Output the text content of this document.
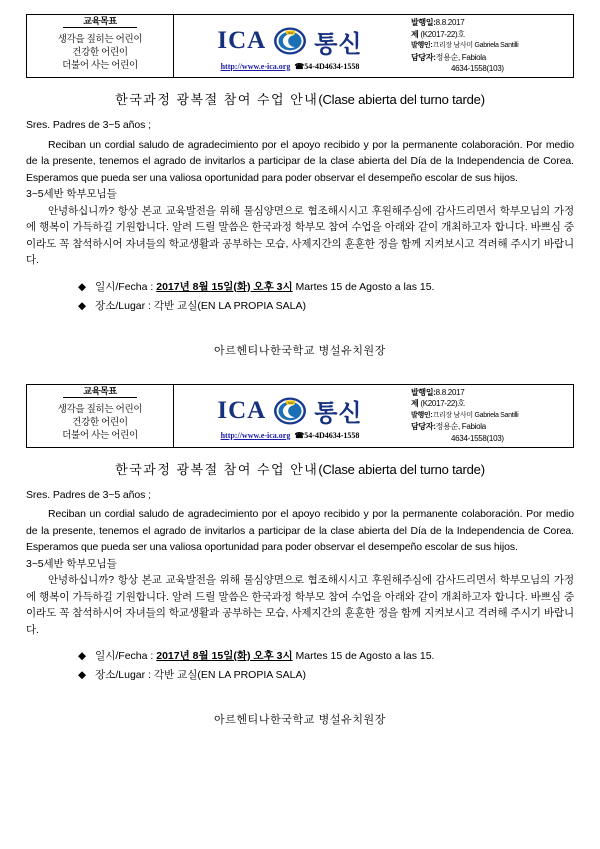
교육목표
생각을 짚히는 어린이
건강한 어린이
더불어 사는 어린이
ICA	ICA 통신
http://www.e-ica.org ☎54-4D4634-1558
발행일:8.8.2017
제 (K2017-22)호
발행인:끄리장 남사미 Gabriela Santilli
담당자:정용순, Fabiola
4634-1558(103)
한국과정 광복절 참여 수업 안내(Clase abierta del turno tarde)

Sres. Padres de 3~5 años ;

Reciban un cordial saludo de agradecimiento por el apoyo recibido y por la permanente colaboración. Por medio de la presente, tenemos el agrado de invitarlos a participar de la clase abierta del Día de la Independencia de Corea. Esperamos que pueda ser una valiosa oportunidad para poder observar el desempeño escolar de sus hijos.

3~5세반 학부모님들

안녕하십니까? 항상 본교 교육발전을 위해 물심양면으로 협조해시시고 후원해주심에 감사드리면서 학부모님의 가정에 행복이 가득하길 기원합니다. 알려 드릴 말씀은 한국과정 학부모 참여 수업을 아래와 같이 개최하고자 합니다. 바쁘심 중이라도 꼭 참석하시어 자녀들의 학교생활과 공부하는 모습, 사제지간의 훈훈한 정을 함께 지켜보시고 격려해 주시기 바랍니다.

◆ 일시/Fecha : 2017년 8월 15일(화) 오후 3시 Martes 15 de Agosto a las 15.
◆ 장소/Lugar : 각반 교실(EN LA PROPIA SALA)
아르헨티나한국학교 병설유치원장
교육목표
생각을 짚히는 어린이
건강한 어린이
더불어 사는 어린이
ICA	ICA 통신
http://www.e-ica.org ☎54-4D4634-1558
발행일:8.8.2017
제 (K2017-22)호
발행인:끄리장 남사미 Gabriela Santilli
담당자:정용순, Fabiola
4634-1558(103)
한국과정 광복절 참여 수업 안내(Clase abierta del turno tarde)

Sres. Padres de 3~5 años ;

Reciban un cordial saludo de agradecimiento por el apoyo recibido y por la permanente colaboración. Por medio de la presente, tenemos el agrado de invitarlos a participar de la clase abierta del Día de la Independencia de Corea. Esperamos que pueda ser una valiosa oportunidad para poder observar el desempeño escolar de sus hijos.

3~5세반 학부모님들

안녕하십니까? 항상 본교 교육발전을 위해 물심양면으로 협조해시시고 후원해주심에 감사드리면서 학부모님의 가정에 행복이 가득하길 기원합니다. 알려 드릴 말씀은 한국과정 학부모 참여 수업을 아래와 같이 개최하고자 합니다. 바쁘심 중이라도 꼭 참석하시어 자녀들의 학교생활과 공부하는 모습, 사제지간의 훈훈한 정을 함께 지켜보시고 격려해 주시기 바랍니다.

◆ 일시/Fecha : 2017년 8월 15일(화) 오후 3시 Martes 15 de Agosto a las 15.
◆ 장소/Lugar : 각반 교실(EN LA PROPIA SALA)
아르헨티나한국학교 병설유치원장
